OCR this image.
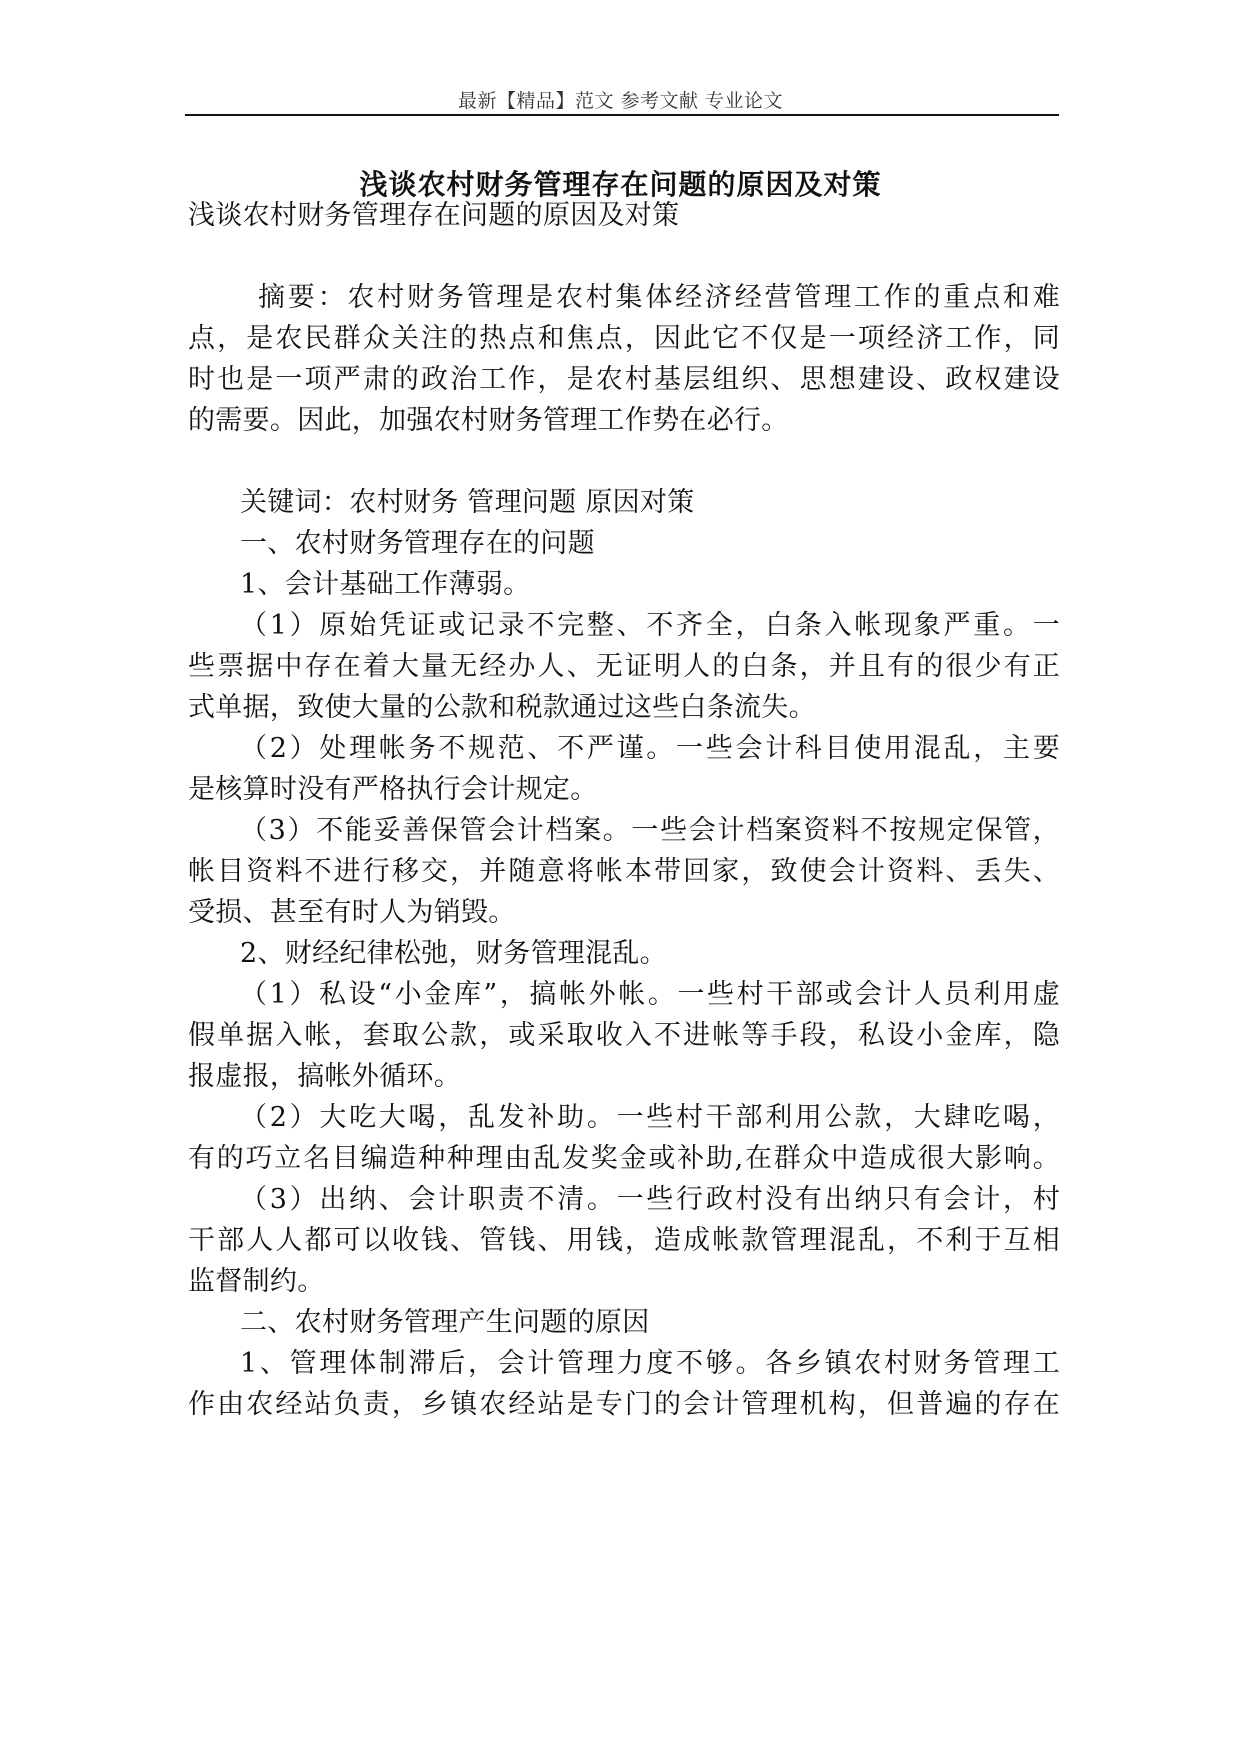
最新【精品】范文 参考文献 专业论文
浅谈农村财务管理存在问题的原因及对策
浅谈农村财务管理存在问题的原因及对策
摘要：农村财务管理是农村集体经济经营管理工作的重点和难
点，是农民群众关注的热点和焦点，因此它不仅是一项经济工作，同
时也是一项严肃的政治工作，是农村基层组织、思想建设、政权建设
的需要。因此，加强农村财务管理工作势在必行。
关键词：农村财务 管理问题 原因对策
一、农村财务管理存在的问题
1、会计基础工作薄弱。
（1）原始凭证或记录不完整、不齐全，白条入帐现象严重。一
些票据中存在着大量无经办人、无证明人的白条，并且有的很少有正
式单据，致使大量的公款和税款通过这些白条流失。
（2）处理帐务不规范、不严谨。一些会计科目使用混乱，主要
是核算时没有严格执行会计规定。
（3）不能妥善保管会计档案。一些会计档案资料不按规定保管，
帐目资料不进行移交，并随意将帐本带回家，致使会计资料、丢失、
受损、甚至有时人为销毁。
2、财经纪律松弛，财务管理混乱。
（1）私设“小金库”，搞帐外帐。一些村干部或会计人员利用虚
假单据入帐，套取公款，或采取收入不进帐等手段，私设小金库，隐
报虚报，搞帐外循环。
（2）大吃大喝，乱发补助。一些村干部利用公款，大肆吃喝，
有的巧立名目编造种种理由乱发奖金或补助,在群众中造成很大影响。
（3）出纳、会计职责不清。一些行政村没有出纳只有会计，村
干部人人都可以收钱、管钱、用钱，造成帐款管理混乱，不利于互相
监督制约。
二、农村财务管理产生问题的原因
1、管理体制滞后，会计管理力度不够。各乡镇农村财务管理工
作由农经站负责，乡镇农经站是专门的会计管理机构，但普遍的存在
